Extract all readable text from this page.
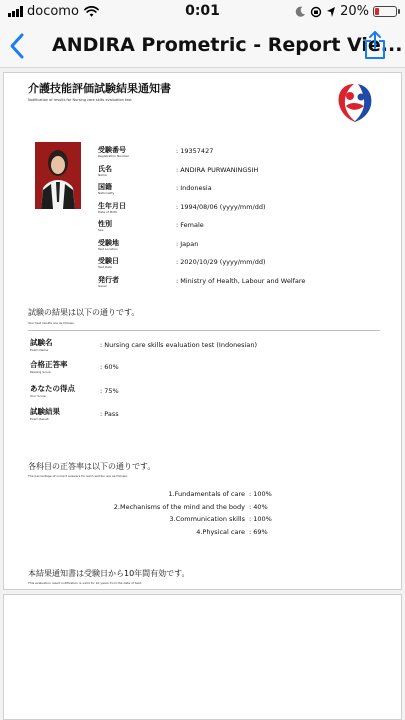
docomo	0:01	20%
ANDIRA Prometric - Report Vie...
介護技能評価試験結果通知書
Notification of results for Nursing care skills evaluation test
受験番号
Registration Number
: 19357427
氏名
Name
: ANDIRA PURWANINGSIH
国籍
Nationality
: Indonesia
生年月日
Date of Birth
: 1994/08/06 (yyyy/mm/dd)
性別
Sex
: Female
受験地
Test Location
: Japan
受験日
Test Date
: 2020/10/29 (yyyy/mm/dd)
発行者
Issuer
: Ministry of Health, Labour and Welfare
試験の結果は以下の通りです。
Your test results are as follows.
試験名
Exam Name
: Nursing care skills evaluation test (Indonesian)
合格正答率
Passing Score
: 60%
あなたの得点
Your Score
: 75%
試験結果
Exam Result
: Pass
各科目の正答率は以下の通りです。
The percentage of correct answers for each section are as follows.
1.Fundamentals of care : 100%
2.Mechanisms of the mind and the body : 40%
3.Communication skills : 100%
4.Physical care : 69%
本結果通知書は受験日から10年間有効です。
This evaluation result notification is valid for 10 years from the date of test.
